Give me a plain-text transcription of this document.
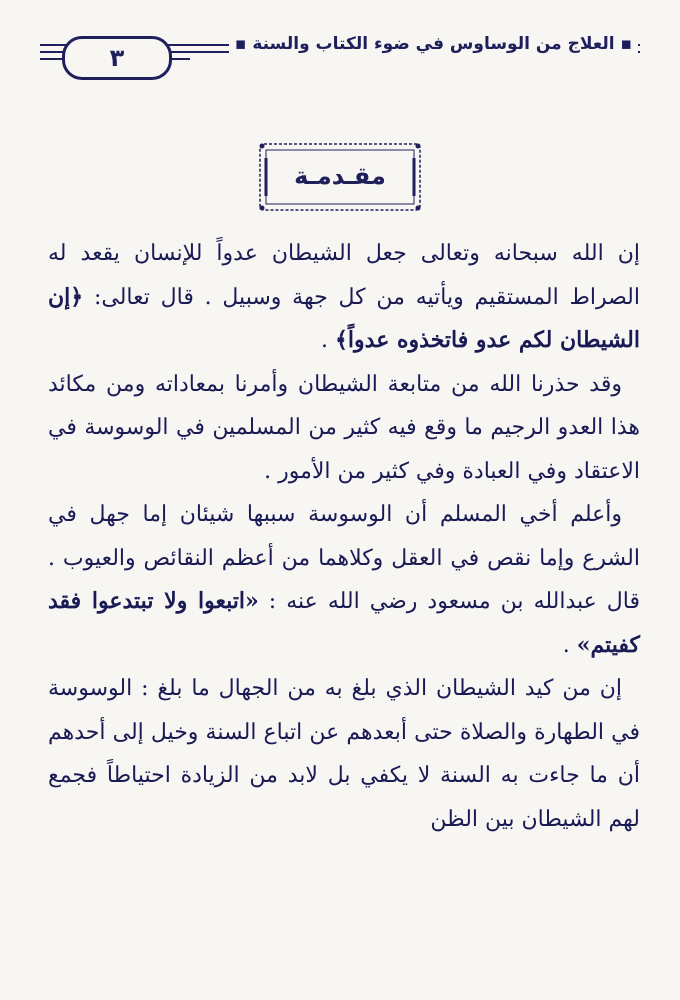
▪ العلاج من الوساوس في ضوء الكتاب والسنة ▪
٣
مقـدمـة

إن الله سبحانه وتعالى جعل الشيطان عدواً للإنسان يقعد له الصراط المستقيم ويأتيه من كل جهة وسبيل . قال تعالى: ﴿إن الشيطان لكم عدو فاتخذوه عدواً﴾ .

وقد حذرنا الله من متابعة الشيطان وأمرنا بمعاداته ومن مكائد هذا العدو الرجيم ما وقع فيه كثير من المسلمين في الوسوسة في الاعتقاد وفي العبادة وفي كثير من الأمور .

وأعلم أخي المسلم أن الوسوسة سببها شيئان إما جهل في الشرع وإما نقص في العقل وكلاهما من أعظم النقائص والعيوب . قال عبدالله بن مسعود رضي الله عنه : «اتبعوا ولا تبتدعوا فقد كفيتم» .

إن من كيد الشيطان الذي بلغ به من الجهال ما بلغ : الوسوسة في الطهارة والصلاة حتى أبعدهم عن اتباع السنة وخيل إلى أحدهم أن ما جاءت به السنة لا يكفي بل لابد من الزيادة احتياطاً فجمع لهم الشيطان بين الظن
